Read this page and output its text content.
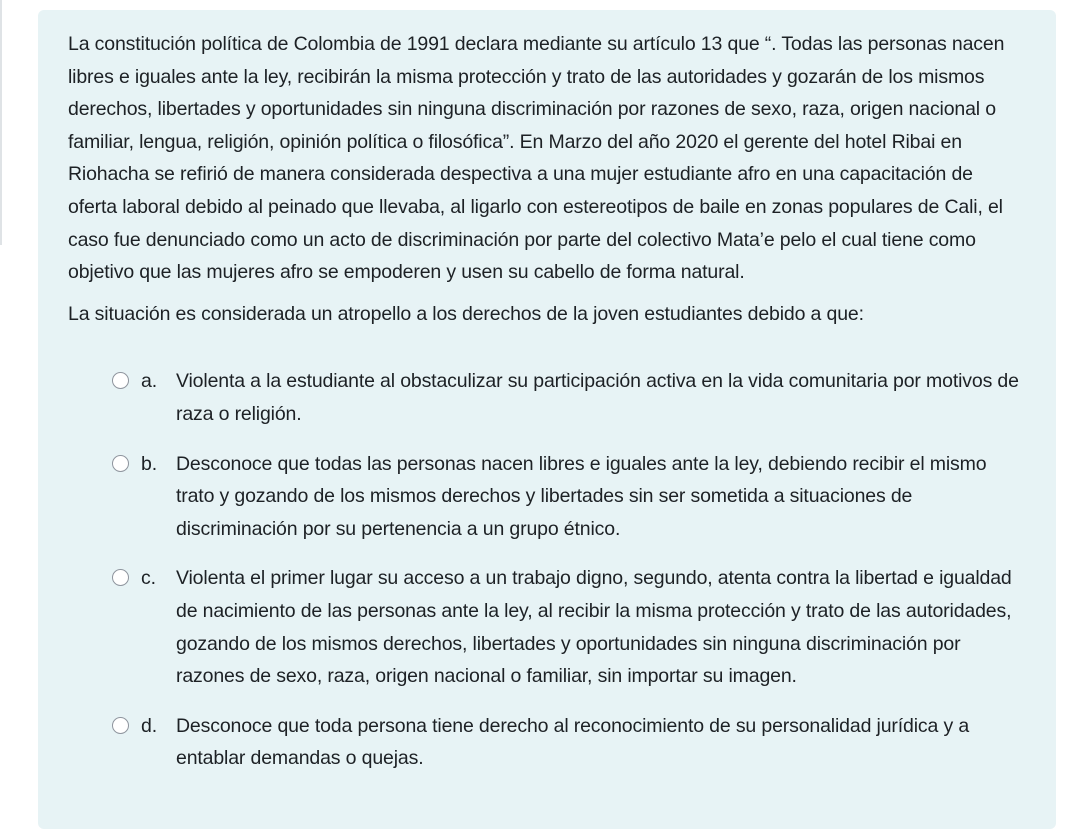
La constitución política de Colombia de 1991 declara mediante su artículo 13 que “. Todas las personas nacen libres e iguales ante la ley, recibirán la misma protección y trato de las autoridades y gozarán de los mismos derechos, libertades y oportunidades sin ninguna discriminación por razones de sexo, raza, origen nacional o familiar, lengua, religión, opinión política o filosófica”. En Marzo del año 2020 el gerente del hotel Ribai en Riohacha se refirió de manera considerada despectiva a una mujer estudiante afro en una capacitación de oferta laboral debido al peinado que llevaba, al ligarlo con estereotipos de baile en zonas populares de Cali, el caso fue denunciado como un acto de discriminación por parte del colectivo Mata’e pelo el cual tiene como objetivo que las mujeres afro se empoderen y usen su cabello de forma natural.

La situación es considerada un atropello a los derechos de la joven estudiantes debido a que:

a. Violenta a la estudiante al obstaculizar su participación activa en la vida comunitaria por motivos de raza o religión.
b. Desconoce que todas las personas nacen libres e iguales ante la ley, debiendo recibir el mismo trato y gozando de los mismos derechos y libertades sin ser sometida a situaciones de discriminación por su pertenencia a un grupo étnico.
c. Violenta el primer lugar su acceso a un trabajo digno, segundo, atenta contra la libertad e igualdad de nacimiento de las personas ante la ley, al recibir la misma protección y trato de las autoridades, gozando de los mismos derechos, libertades y oportunidades sin ninguna discriminación por razones de sexo, raza, origen nacional o familiar, sin importar su imagen.
d. Desconoce que toda persona tiene derecho al reconocimiento de su personalidad jurídica y a entablar demandas o quejas.
